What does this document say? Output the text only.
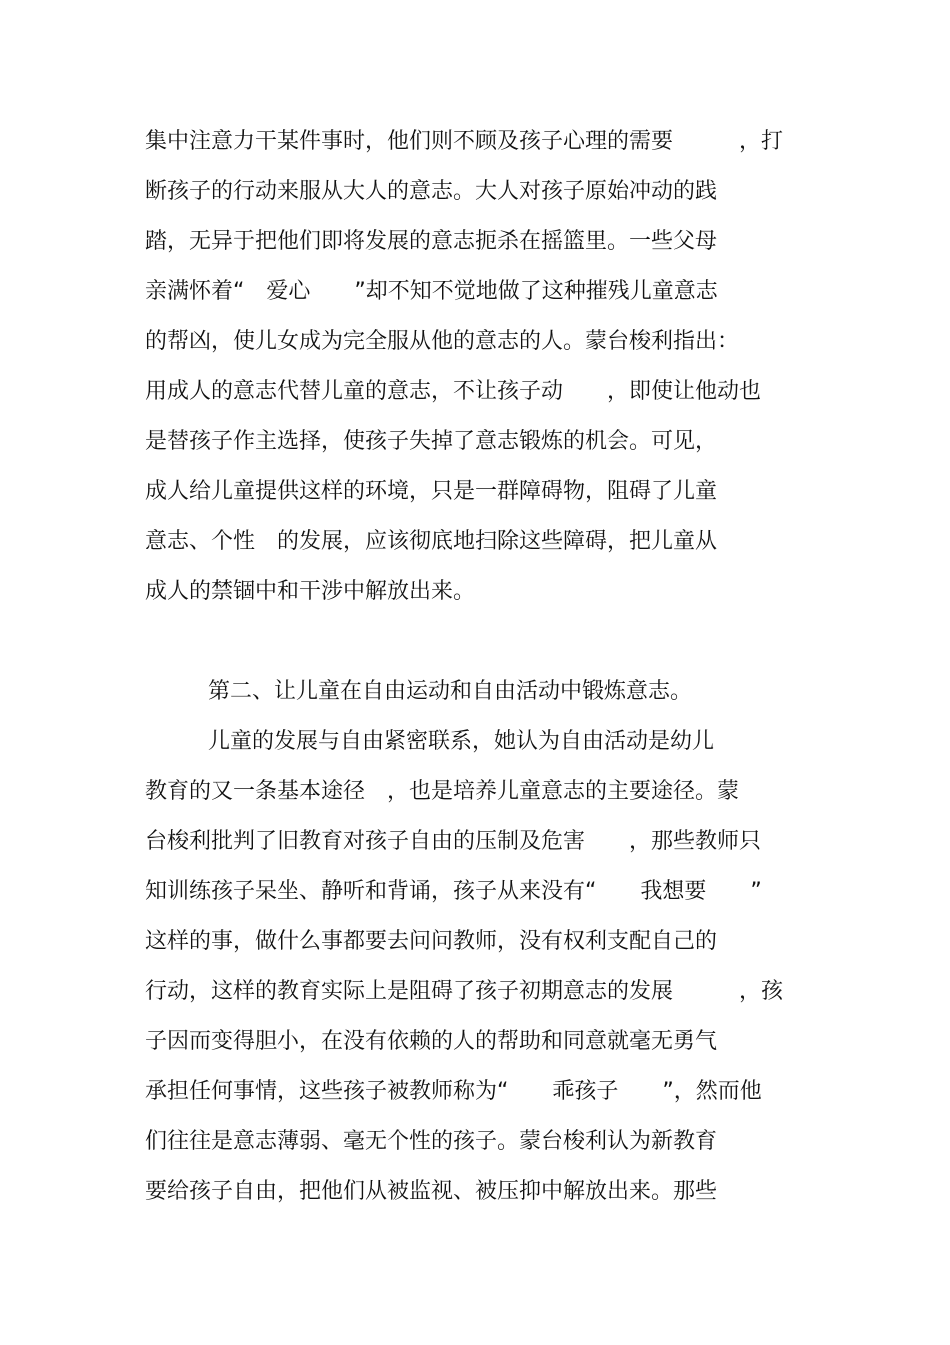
集中注意力干某件事时，他们则不顾及孩子心理的需要　　　，打
断孩子的行动来服从大人的意志。大人对孩子原始冲动的践
踏，无异于把他们即将发展的意志扼杀在摇篮里。一些父母
亲满怀着“　爱心　　”却不知不觉地做了这种摧残儿童意志
的帮凶，使儿女成为完全服从他的意志的人。蒙台梭利指出：
用成人的意志代替儿童的意志，不让孩子动　　，即使让他动也
是替孩子作主选择，使孩子失掉了意志锻炼的机会。可见，
成人给儿童提供这样的环境，只是一群障碍物，阻碍了儿童
意志、个性　的发展，应该彻底地扫除这些障碍，把儿童从
成人的禁锢中和干涉中解放出来。
第二、让儿童在自由运动和自由活动中锻炼意志。
儿童的发展与自由紧密联系，她认为自由活动是幼儿
教育的又一条基本途径　，也是培养儿童意志的主要途径。蒙
台梭利批判了旧教育对孩子自由的压制及危害　　，那些教师只
知训练孩子呆坐、静听和背诵，孩子从来没有“　　我想要　　”
这样的事，做什么事都要去问问教师，没有权利支配自己的
行动，这样的教育实际上是阻碍了孩子初期意志的发展　　　，孩
子因而变得胆小，在没有依赖的人的帮助和同意就毫无勇气
承担任何事情，这些孩子被教师称为“　　乖孩子　　”，然而他
们往往是意志薄弱、毫无个性的孩子。蒙台梭利认为新教育
要给孩子自由，把他们从被监视、被压抑中解放出来。那些
